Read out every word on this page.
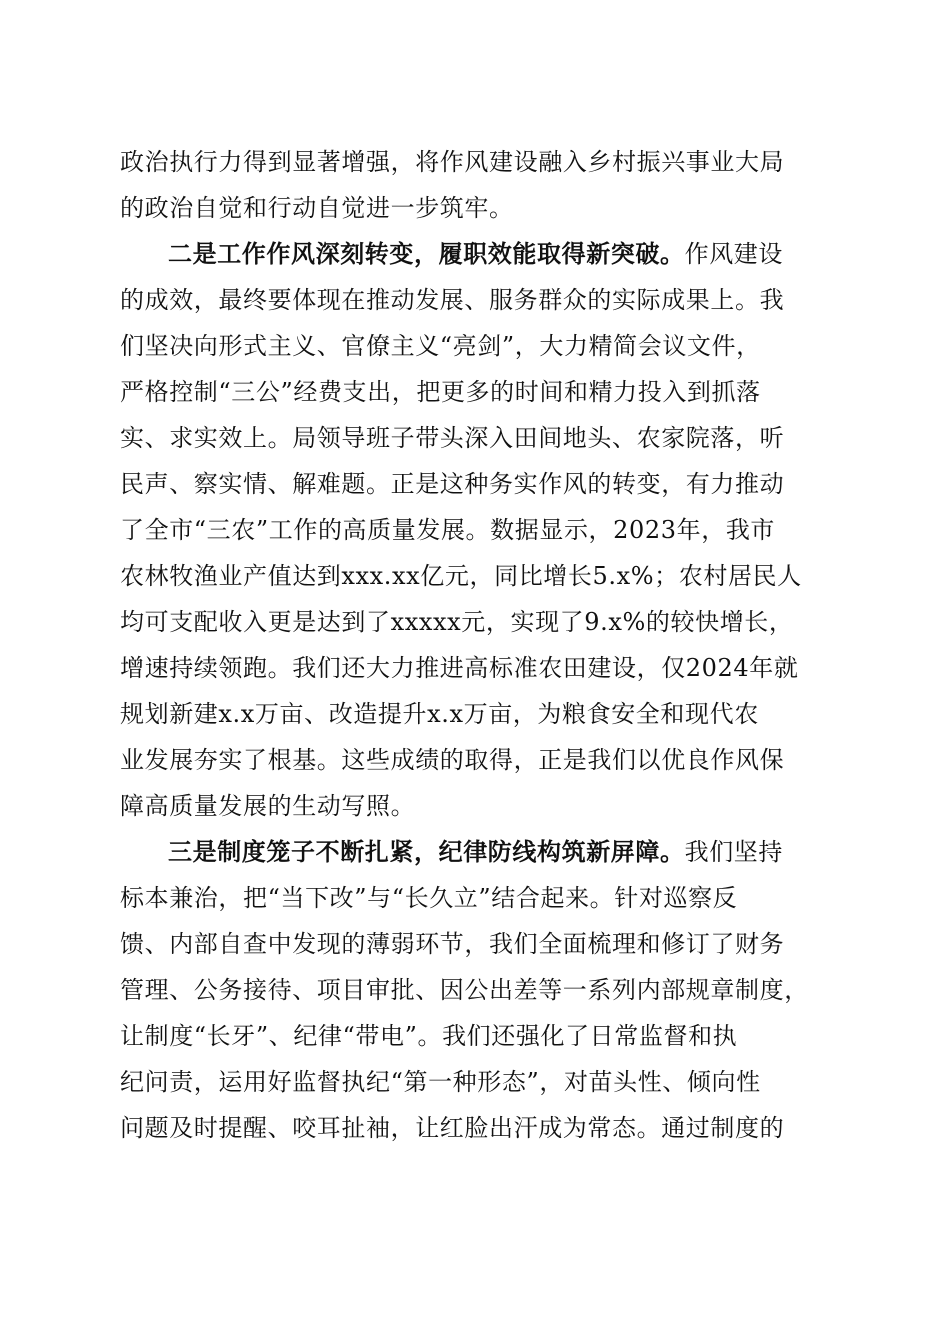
政治执行力得到显著增强，将作风建设融入乡村振兴事业大局

的政治自觉和行动自觉进一步筑牢。

二是工作作风深刻转变，履职效能取得新突破。作风建设

的成效，最终要体现在推动发展、服务群众的实际成果上。我

们坚决向形式主义、官僚主义“亮剑”，大力精简会议文件，

严格控制“三公”经费支出，把更多的时间和精力投入到抓落

实、求实效上。局领导班子带头深入田间地头、农家院落，听

民声、察实情、解难题。正是这种务实作风的转变，有力推动

了全市“三农”工作的高质量发展。数据显示，2023年，我市

农林牧渔业产值达到xxx.xx亿元，同比增长5.x%；农村居民人

均可支配收入更是达到了xxxxx元，实现了9.x%的较快增长，

增速持续领跑。我们还大力推进高标准农田建设，仅2024年就

规划新建x.x万亩、改造提升x.x万亩，为粮食安全和现代农

业发展夯实了根基。这些成绩的取得，正是我们以优良作风保

障高质量发展的生动写照。

三是制度笼子不断扎紧，纪律防线构筑新屏障。我们坚持

标本兼治，把“当下改”与“长久立”结合起来。针对巡察反

馈、内部自查中发现的薄弱环节，我们全面梳理和修订了财务

管理、公务接待、项目审批、因公出差等一系列内部规章制度，

让制度“长牙”、纪律“带电”。我们还强化了日常监督和执

纪问责，运用好监督执纪“第一种形态”，对苗头性、倾向性

问题及时提醒、咬耳扯袖，让红脸出汗成为常态。通过制度的
